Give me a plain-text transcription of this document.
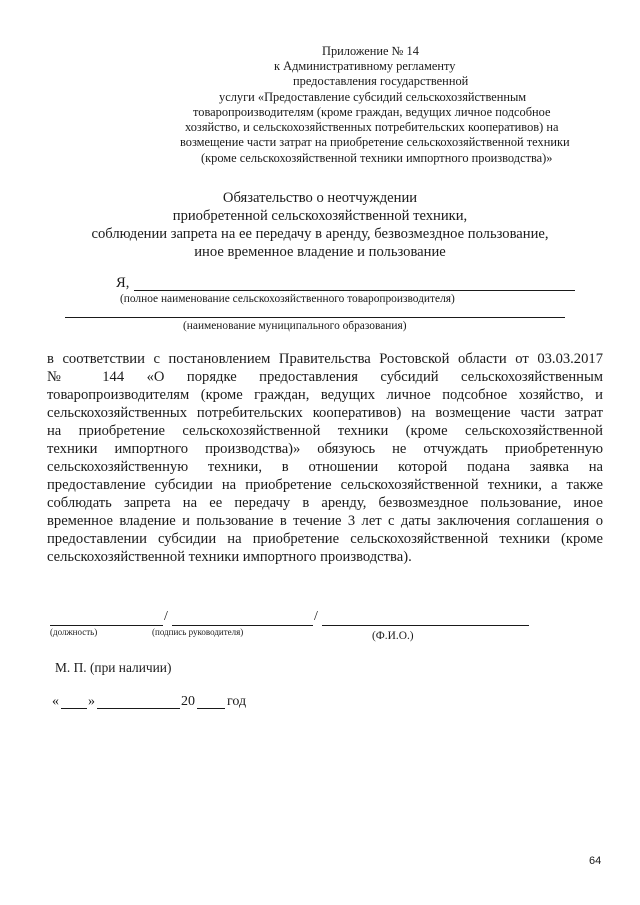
Приложение № 14
к Административному регламенту
предоставления государственной
услуги «Предоставление субсидий сельскохозяйственным
товаропроизводителям (кроме граждан, ведущих личное подсобное
хозяйство, и сельскохозяйственных потребительских кооперативов) на
возмещение части затрат на приобретение сельскохозяйственной техники
(кроме сельскохозяйственной техники импортного производства)»
Обязательство о неотчуждении
приобретенной сельскохозяйственной техники,
соблюдении запрета на ее передачу в аренду, безвозмездное пользование,
иное временное владение и пользование
Я,
(полное наименование сельскохозяйственного товаропроизводителя)
(наименование муниципального образования)
в соответствии с постановлением Правительства Ростовской области от 03.03.2017
№ 144 «О порядке предоставления субсидий сельскохозяйственным
товаропроизводителям (кроме граждан, ведущих личное подсобное хозяйство, и
сельскохозяйственных потребительских кооперативов) на возмещение части затрат
на приобретение сельскохозяйственной техники (кроме сельскохозяйственной
техники импортного производства)» обязуюсь не отчуждать приобретенную
сельскохозяйственную техники, в отношении которой подана заявка на
предоставление субсидии на приобретение сельскохозяйственной техники, а также
соблюдать запрета на ее передачу в аренду, безвозмездное пользование, иное
временное владение и пользование в течение 3 лет с даты заключения соглашения о
предоставлении субсидии на приобретение сельскохозяйственной техники (кроме
сельскохозяйственной техники импортного производства).
/	/
(должность)	(подпись руководителя)	(Ф.И.О.)
М. П. (при наличии)
« »	20 год
64
